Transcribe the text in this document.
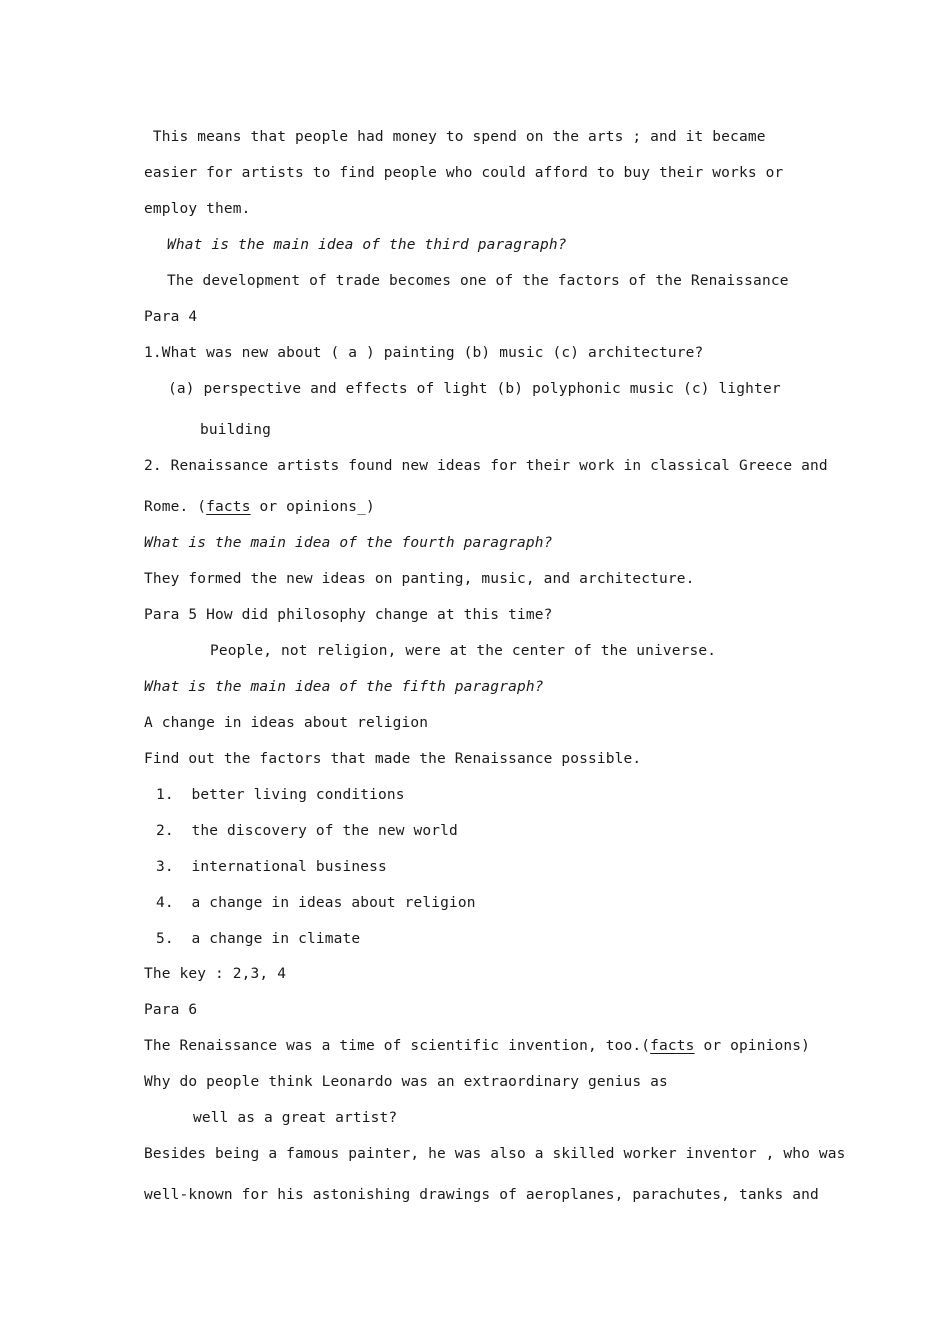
This means that people had money to spend on the arts ; and it became
easier for artists to find people who could afford to buy their works or
employ them.
What is the main idea of the third paragraph?
The development of trade becomes one of the factors of the Renaissance
Para 4
1.What was new about ( a ) painting (b) music (c) architecture?
(a) perspective and effects of light (b) polyphonic music (c) lighter
building
2. Renaissance artists found new ideas for their work in classical Greece and
Rome. (facts or opinions_)
What is the main idea of the fourth paragraph?
They formed the new ideas on panting, music, and architecture.
Para 5 How did philosophy change at this time?
People, not religion, were at the center of the universe.
What is the main idea of the fifth paragraph?
A change in ideas about religion
Find out the factors that made the Renaissance possible.
1.  better living conditions
2.  the discovery of the new world
3.  international business
4.  a change in ideas about religion
5.  a change in climate
The key : 2,3, 4
Para 6
The Renaissance was a time of scientific invention, too.(facts or opinions)
Why do people think Leonardo was an extraordinary genius as
well as a great artist?
Besides being a famous painter, he was also a skilled worker inventor , who was
well-known for his astonishing drawings of aeroplanes, parachutes, tanks and
